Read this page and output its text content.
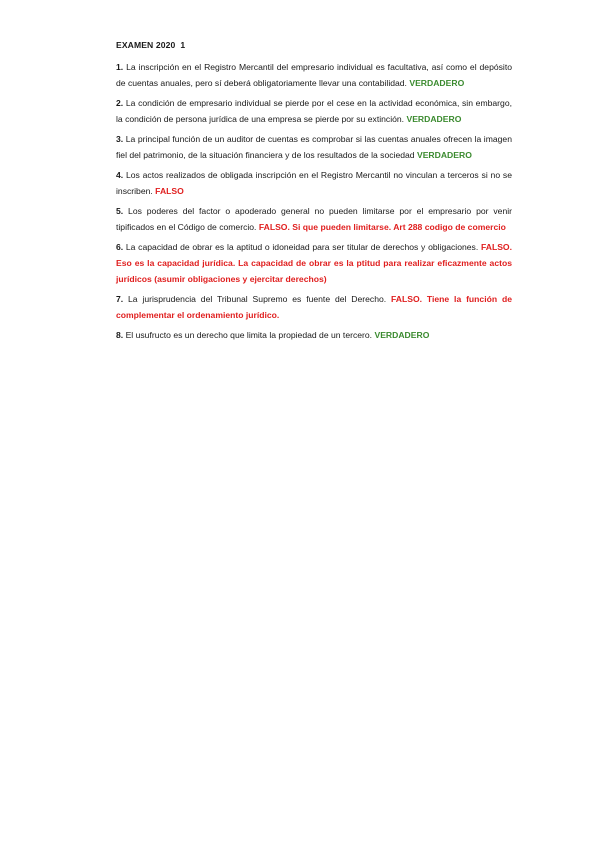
EXAMEN 2020  1

1. La inscripción en el Registro Mercantil del empresario individual es facultativa, así como el depósito de cuentas anuales, pero sí deberá obligatoriamente llevar una contabilidad. VERDADERO

2. La condición de empresario individual se pierde por el cese en la actividad económica, sin embargo, la condición de persona jurídica de una empresa se pierde por su extinción. VERDADERO

3. La principal función de un auditor de cuentas es comprobar si las cuentas anuales ofrecen la imagen fiel del patrimonio, de la situación financiera y de los resultados de la sociedad VERDADERO

4. Los actos realizados de obligada inscripción en el Registro Mercantil no vinculan a terceros si no se inscriben. FALSO

5. Los poderes del factor o apoderado general no pueden limitarse por el empresario por venir tipificados en el Código de comercio. FALSO. Si que pueden limitarse. Art 288 codigo de comercio

6. La capacidad de obrar es la aptitud o idoneidad para ser titular de derechos y obligaciones. FALSO. Eso es la capacidad jurídica. La capacidad de obrar es la ptitud para realizar eficazmente actos jurídicos (asumir obligaciones y ejercitar derechos)

7. La jurisprudencia del Tribunal Supremo es fuente del Derecho. FALSO. Tiene la función de complementar el ordenamiento jurídico.

8. El usufructo es un derecho que limita la propiedad de un tercero. VERDADERO
